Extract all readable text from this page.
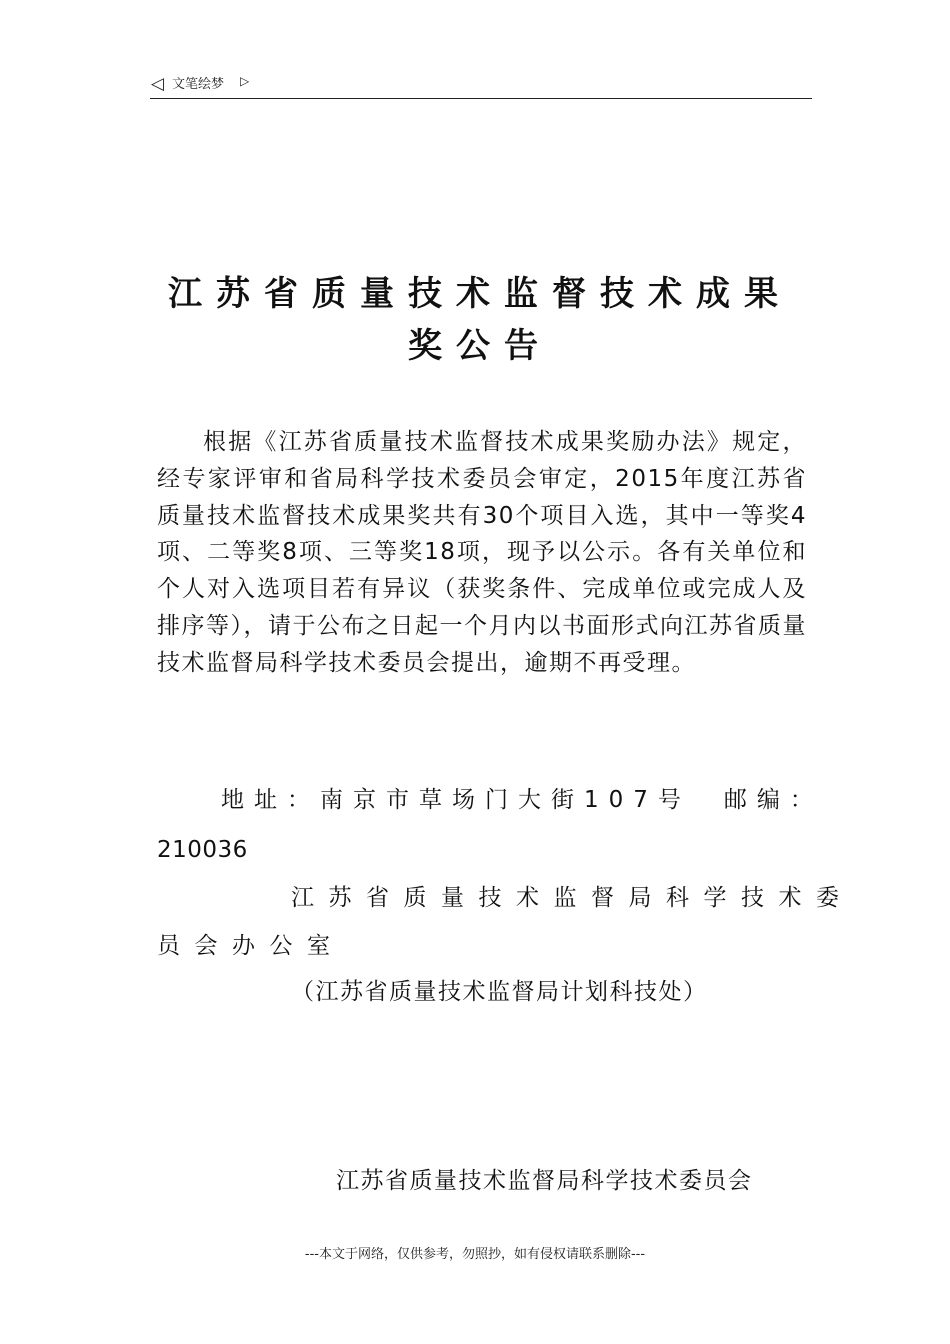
◁ 文笔绘梦 ▷
江苏省质量技术监督技术成果
奖公告
根据《江苏省质量技术监督技术成果奖励办法》规定，经专家评审和省局科学技术委员会审定，2015年度江苏省质量技术监督技术成果奖共有30个项目入选，其中一等奖4项、二等奖8项、三等奖18项，现予以公示。各有关单位和个人对入选项目若有异议（获奖条件、完成单位或完成人及排序等），请于公布之日起一个月内以书面形式向江苏省质量技术监督局科学技术委员会提出，逾期不再受理。
地址：南京市草场门大街107号　邮编：
210036
江苏省质量技术监督局科学技术委
员会办公室
（江苏省质量技术监督局计划科技处）
江苏省质量技术监督局科学技术委员会
---本文于网络，仅供参考，勿照抄，如有侵权请联系删除---
